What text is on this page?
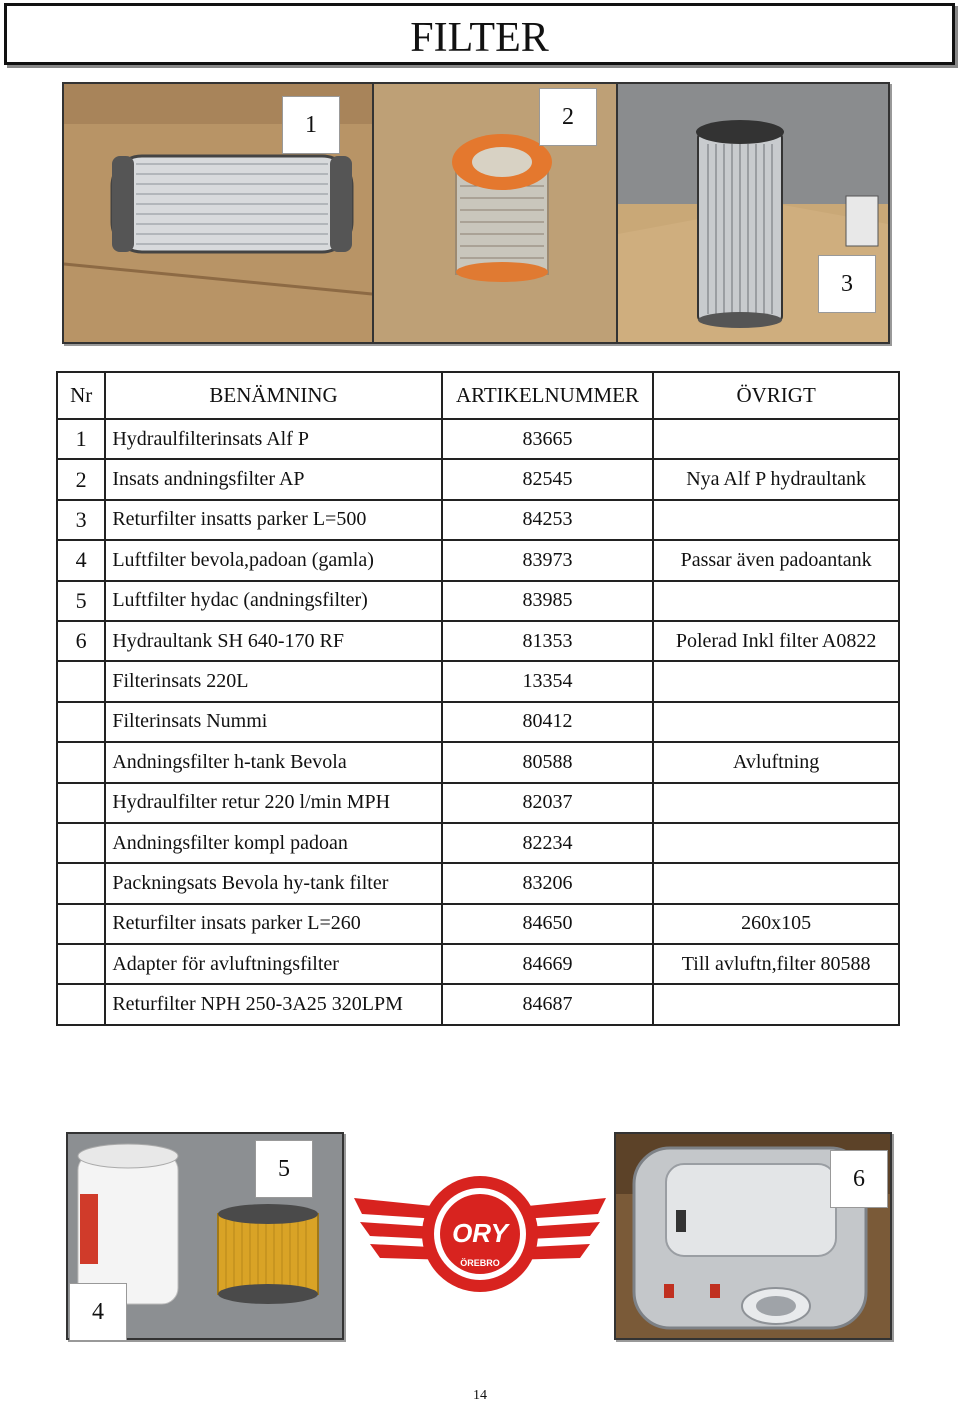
FILTER
1	2
3
Nr	BENÄMNING	ARTIKELNUMMER	ÖVRIGT
1	Hydraulfilterinsats Alf P	83665	
2	Insats andningsfilter AP	82545	Nya Alf P hydraultank
3	Returfilter insatts parker L=500	84253	
4	Luftfilter bevola,padoan (gamla)	83973	Passar även padoantank
5	Luftfilter hydac (andningsfilter)	83985	
6	Hydraultank SH 640-170 RF	81353	Polerad Inkl filter A0822
	Filterinsats 220L	13354	
	Filterinsats Nummi	80412	
	Andningsfilter h-tank Bevola	80588	Avluftning
	Hydraulfilter retur 220 l/min MPH	82037	
	Andningsfilter kompl padoan	82234	
	Packningsats Bevola hy-tank filter	83206	
	Returfilter insats parker L=260	84650	260x105
	Adapter för avluftningsfilter	84669	Till avluftn,filter 80588
	Returfilter NPH 250-3A25 320LPM	84687	
5
4
ORY
ÖREBRO
6
14
